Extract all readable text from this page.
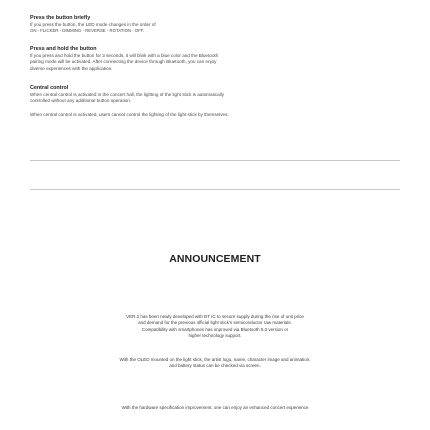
Press the button briefly

If you press the button, the LED mode changes in the order of

ON - FLICKER - DIMMING - REVERSE - ROTATION - OFF.

Press and hold the button

If you press and hold the button for 3 seconds, it will blink with a blue color and the Bluetooth

pairing mode will be activated. After connecting the device through Bluetooth, you can enjoy

diverse experiences with the application.

Central control

When central control is activated in the concert hall, the lighting of the light stick is automatically

controlled without any additional button operation.

When central control is activated, users cannot control the lighting of the light stick by themselves.

ANNOUNCEMENT

VER.2 has been newly developed with BT IC to secure supply during the rise of unit price
and demand for the previous official light stick's semiconductor raw materials.
Compatibility with smartphones has improved via Bluetooth 5.0 version or
higher technology support.
With the OLED mounted on the light stick, the artist logo, name, character image and animation,
and battery status can be checked via screen.
With the hardware specification improvement, one can enjoy an enhanced concert experience
